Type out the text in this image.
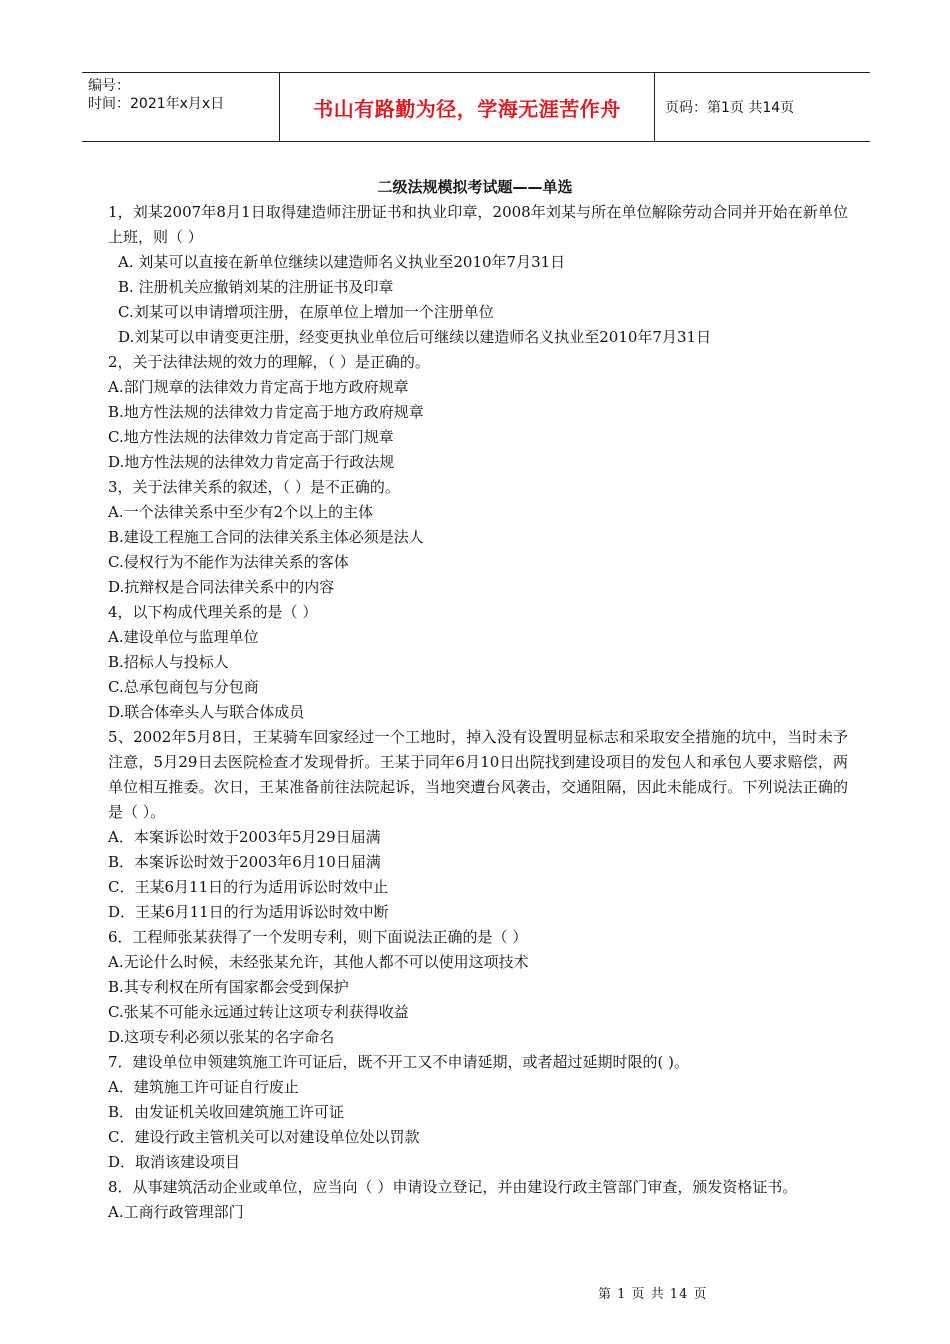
编号：
时间：2021年x月x日	书山有路勤为径，学海无涯苦作舟	页码：第1页 共14页
二级法规模拟考试题——单选
1，刘某2007年8月1日取得建造师注册证书和执业印章，2008年刘某与所在单位解除劳动合同并开始在新单位上班，则（ ）
A. 刘某可以直接在新单位继续以建造师名义执业至2010年7月31日
B. 注册机关应撤销刘某的注册证书及印章
C.刘某可以申请增项注册，在原单位上增加一个注册单位
D.刘某可以申请变更注册，经变更执业单位后可继续以建造师名义执业至2010年7月31日
2，关于法律法规的效力的理解，（ ）是正确的。
A.部门规章的法律效力肯定高于地方政府规章
B.地方性法规的法律效力肯定高于地方政府规章
C.地方性法规的法律效力肯定高于部门规章
D.地方性法规的法律效力肯定高于行政法规
3，关于法律关系的叙述，（ ）是不正确的。
A.一个法律关系中至少有2个以上的主体
B.建设工程施工合同的法律关系主体必须是法人
C.侵权行为不能作为法律关系的客体
D.抗辩权是合同法律关系中的内容
4，以下构成代理关系的是（ ）
A.建设单位与监理单位
B.招标人与投标人
C.总承包商包与分包商
D.联合体牵头人与联合体成员
5、2002年5月8日，王某骑车回家经过一个工地时，掉入没有设置明显标志和采取安全措施的坑中，当时未予注意，5月29日去医院检查才发现骨折。王某于同年6月10日出院找到建设项目的发包人和承包人要求赔偿，两单位相互推委。次日，王某准备前往法院起诉，当地突遭台风袭击，交通阻隔，因此未能成行。下列说法正确的是（ ）。
A．本案诉讼时效于2003年5月29日届满
B．本案诉讼时效于2003年6月10日届满
C．王某6月11日的行为适用诉讼时效中止
D．王某6月11日的行为适用诉讼时效中断
6．工程师张某获得了一个发明专利，则下面说法正确的是（ ）
A.无论什么时候，未经张某允许，其他人都不可以使用这项技术
B.其专利权在所有国家都会受到保护
C.张某不可能永远通过转让这项专利获得收益
D.这项专利必须以张某的名字命名
7．建设单位申领建筑施工许可证后，既不开工又不申请延期，或者超过延期时限的( )。
A．建筑施工许可证自行废止
B．由发证机关收回建筑施工许可证
C．建设行政主管机关可以对建设单位处以罚款
D．取消该建设项目
8．从事建筑活动企业或单位，应当向（ ）申请设立登记，并由建设行政主管部门审查，颁发资格证书。
A.工商行政管理部门
第 1 页 共 14 页
